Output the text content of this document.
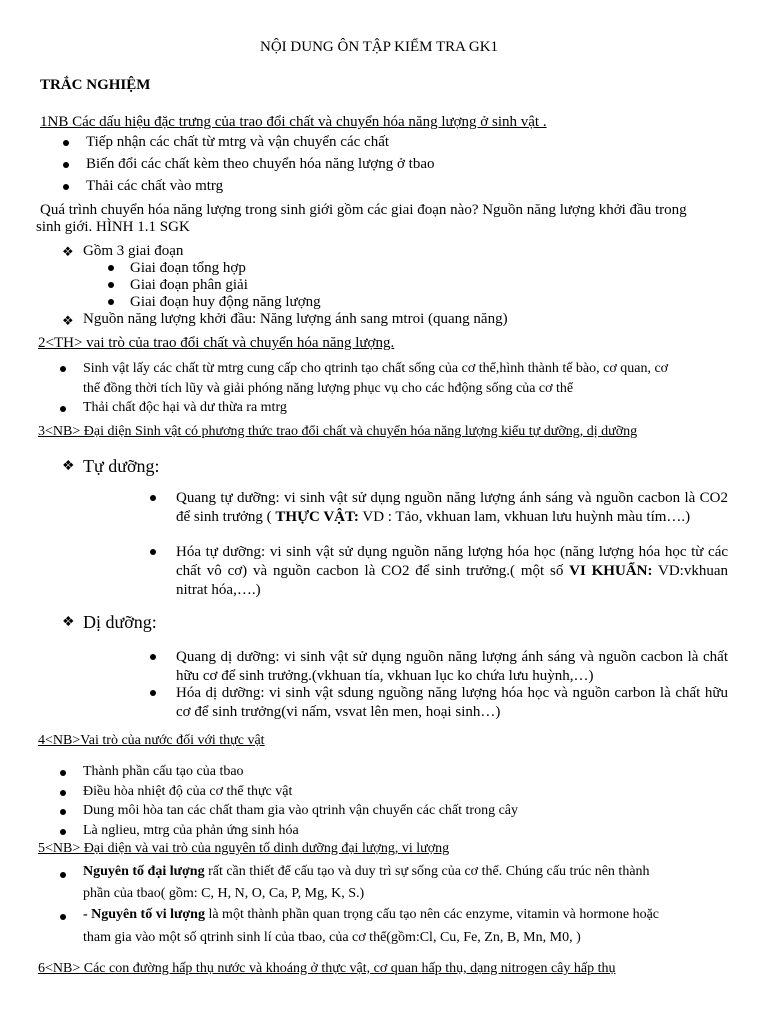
NỘI DUNG ÔN TẬP KIỂM TRA GK1

TRẮC NGHIỆM

1NB Các dấu hiệu đặc trưng của trao đổi chất và chuyển hóa năng lượng ở sinh vật .

Tiếp nhận các chất từ mtrg và vận chuyển các chất

Biến đổi các chất kèm theo chuyển hóa năng lượng ở tbao

Thải các chất vào mtrg

Quá trình chuyển hóa năng lượng trong sinh giới gồm các giai đoạn nào? Nguồn năng lượng khởi đầu trong

sinh giới. HÌNH 1.1 SGK

❖ Gồm 3 giai đoạn

Giai đoạn tổng hợp

Giai đoạn phân giải

Giai đoạn huy động năng lượng

❖ Nguồn năng lượng khởi đầu: Năng lượng ánh sang mtroi (quang năng)

2<TH> vai trò của trao đổi chất và chuyển hóa năng lượng.

Sinh vật lấy các chất từ mtrg cung cấp cho qtrinh tạo chất sống của cơ thể,hình thành tế bào, cơ quan, cơ

thể đồng thời tích lũy và giải phóng năng lượng phục vụ cho các hđộng sống của cơ thể

Thải chất độc hại và dư thừa ra mtrg

3<NB> Đại diện Sinh vật có phương thức trao đổi chất và chuyển hóa năng lượng kiểu tự dưỡng, dị dưỡng

❖ Tự dưỡng:

Quang tự dưỡng: vi sinh vật sử dụng nguồn năng lượng ánh sáng và nguồn cacbon là CO2 để sinh trưởng ( THỰC VẬT: VD : Tảo, vkhuan lam, vkhuan lưu huỳnh màu tím….)
Hóa tự dưỡng: vi sinh vật sử dụng nguồn năng lượng hóa học (năng lượng hóa học từ các chất vô cơ) và nguồn cacbon là CO2 để sinh trưởng.( một số VI KHUẨN: VD:vkhuan nitrat hóa,….)
❖ Dị dưỡng:

Quang dị dưỡng: vi sinh vật sử dụng nguồn năng lượng ánh sáng và nguồn cacbon là chất hữu cơ để sinh trưởng.(vkhuan tía, vkhuan lục ko chứa lưu huỳnh,…)
Hóa dị dưỡng: vi sinh vật sdung nguồng năng lượng hóa học và nguồn carbon là chất hữu cơ để sinh trưởng(vi nấm, vsvat lên men, hoại sinh…)

4<NB>Vai trò của nước đối với thực vật

Thành phần cấu tạo của tbao

Điều hòa nhiệt độ của cơ thể thực vật

Dung môi hòa tan các chất tham gia vào qtrinh vận chuyển các chất trong cây

Là nglieu, mtrg của phản ứng sinh hóa

5<NB> Đại diện và vai trò của nguyên tố dinh dưỡng đại lượng, vi lượng

Nguyên tố đại lượng rất cần thiết để cấu tạo và duy trì sự sống của cơ thể. Chúng cấu trúc nên thành

phần của tbao( gồm: C, H, N, O, Ca, P, Mg, K, S.)

- Nguyên tố vi lượng là một thành phần quan trọng cấu tạo nên các enzyme, vitamin và hormone hoặc

tham gia vào một số qtrinh sinh lí của tbao, của cơ thể(gồm:Cl, Cu, Fe, Zn, B, Mn, M0, )

6<NB> Các con đường hấp thụ nước và khoáng ở thực vật, cơ quan hấp thụ, dạng nitrogen cây hấp thụ
